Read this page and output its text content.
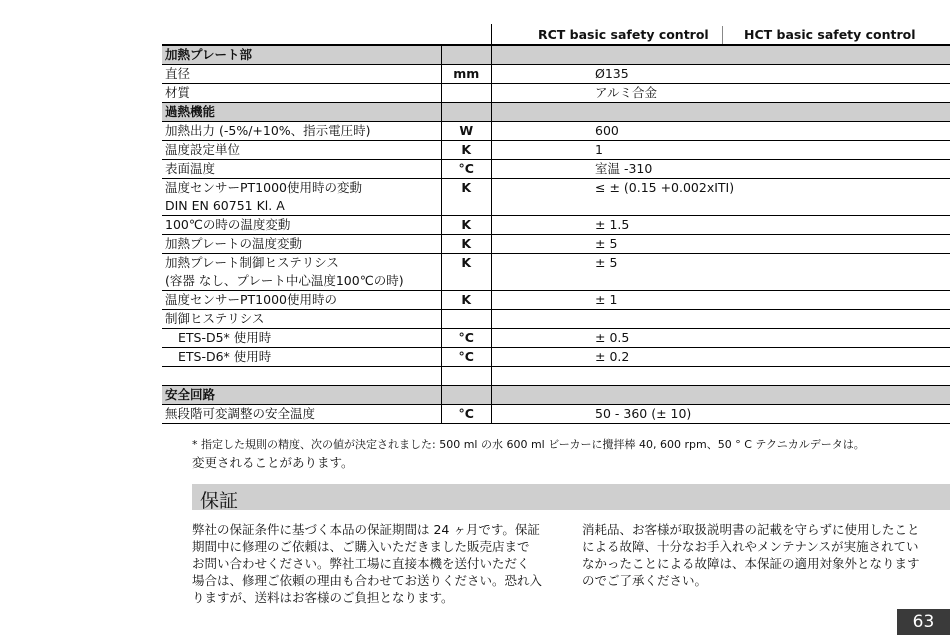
		RCT basic safety control HCT basic safety control

加熱プレート部		
直径	mm	Ø135
材質		アルミ合金
過熱機能		
加熱出力 (-5%/+10%、指示電圧時)	W	600
温度設定単位	K	1
表面温度	°C	室温 -310
温度センサーPT1000使用時の変動	K	≤ ± (0.15 +0.002xITI)
DIN EN 60751 Kl. A		
100℃の時の温度変動	K	± 1.5
加熱プレートの温度変動	K	± 5
加熱プレート制御ヒステリシス	K	± 5
(容器 なし、プレート中心温度100℃の時)		
温度センサーPT1000使用時の	K	± 1
制御ヒステリシス		
ETS-D5* 使用時	°C	± 0.5
ETS-D6* 使用時	°C	± 0.2

安全回路		
無段階可変調整の安全温度	°C	50 - 360 (± 10)
* 指定した規則の精度、次の値が決定されました: 500 ml の水 600 ml ビーカーに攪拌棒 40, 600 rpm、50 ° C テクニカルデータは。
変更されることがあります。
保証
弊社の保証条件に基づく本品の保証期間は 24 ヶ月です。保証
期間中に修理のご依頼は、ご購入いただきました販売店まで
お問い合わせください。弊社工場に直接本機を送付いただく
場合は、修理ご依頼の理由も合わせてお送りください。恐れ入
りますが、送料はお客様のご負担となります。
消耗品、お客様が取扱説明書の記載を守らずに使用したこと
による故障、十分なお手入れやメンテナンスが実施されてい
なかったことによる故障は、本保証の適用対象外となります
のでご了承ください。
63
